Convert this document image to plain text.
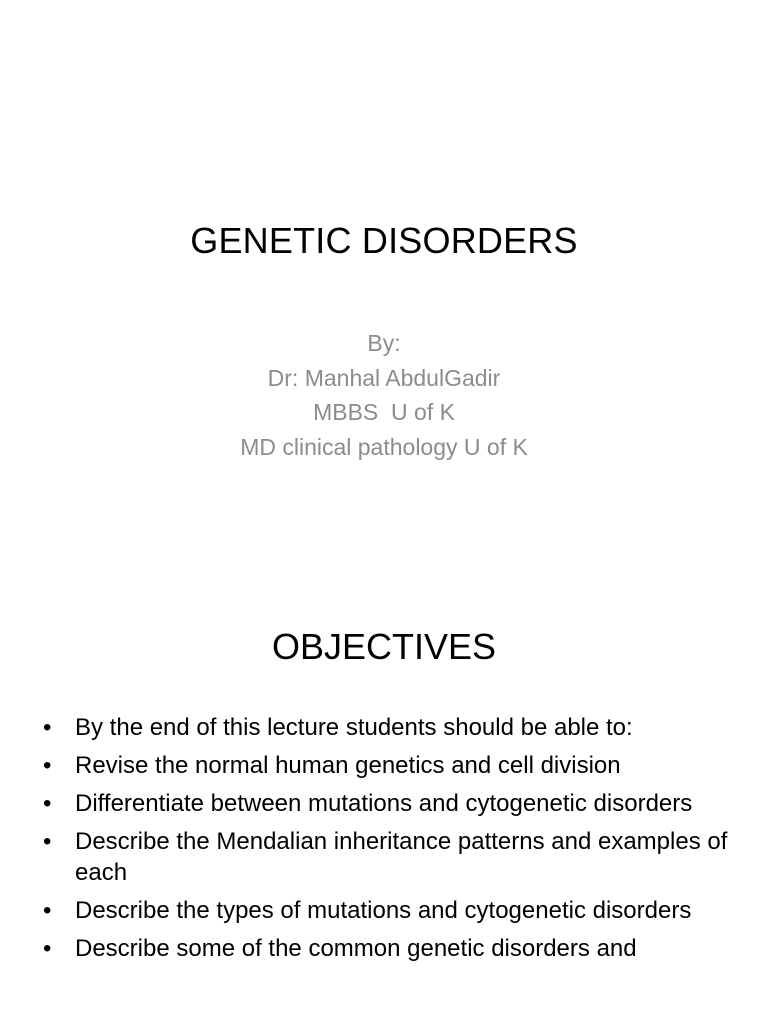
GENETIC DISORDERS
By:
Dr: Manhal AbdulGadir
MBBS  U of K
MD clinical pathology U of K
OBJECTIVES
• By the end of this lecture students should be able to:
• Revise the normal human genetics and cell division
• Differentiate between mutations and cytogenetic disorders
• Describe the Mendalian inheritance patterns and examples of each
• Describe the types of mutations and cytogenetic disorders
• Describe some of the common genetic disorders and
